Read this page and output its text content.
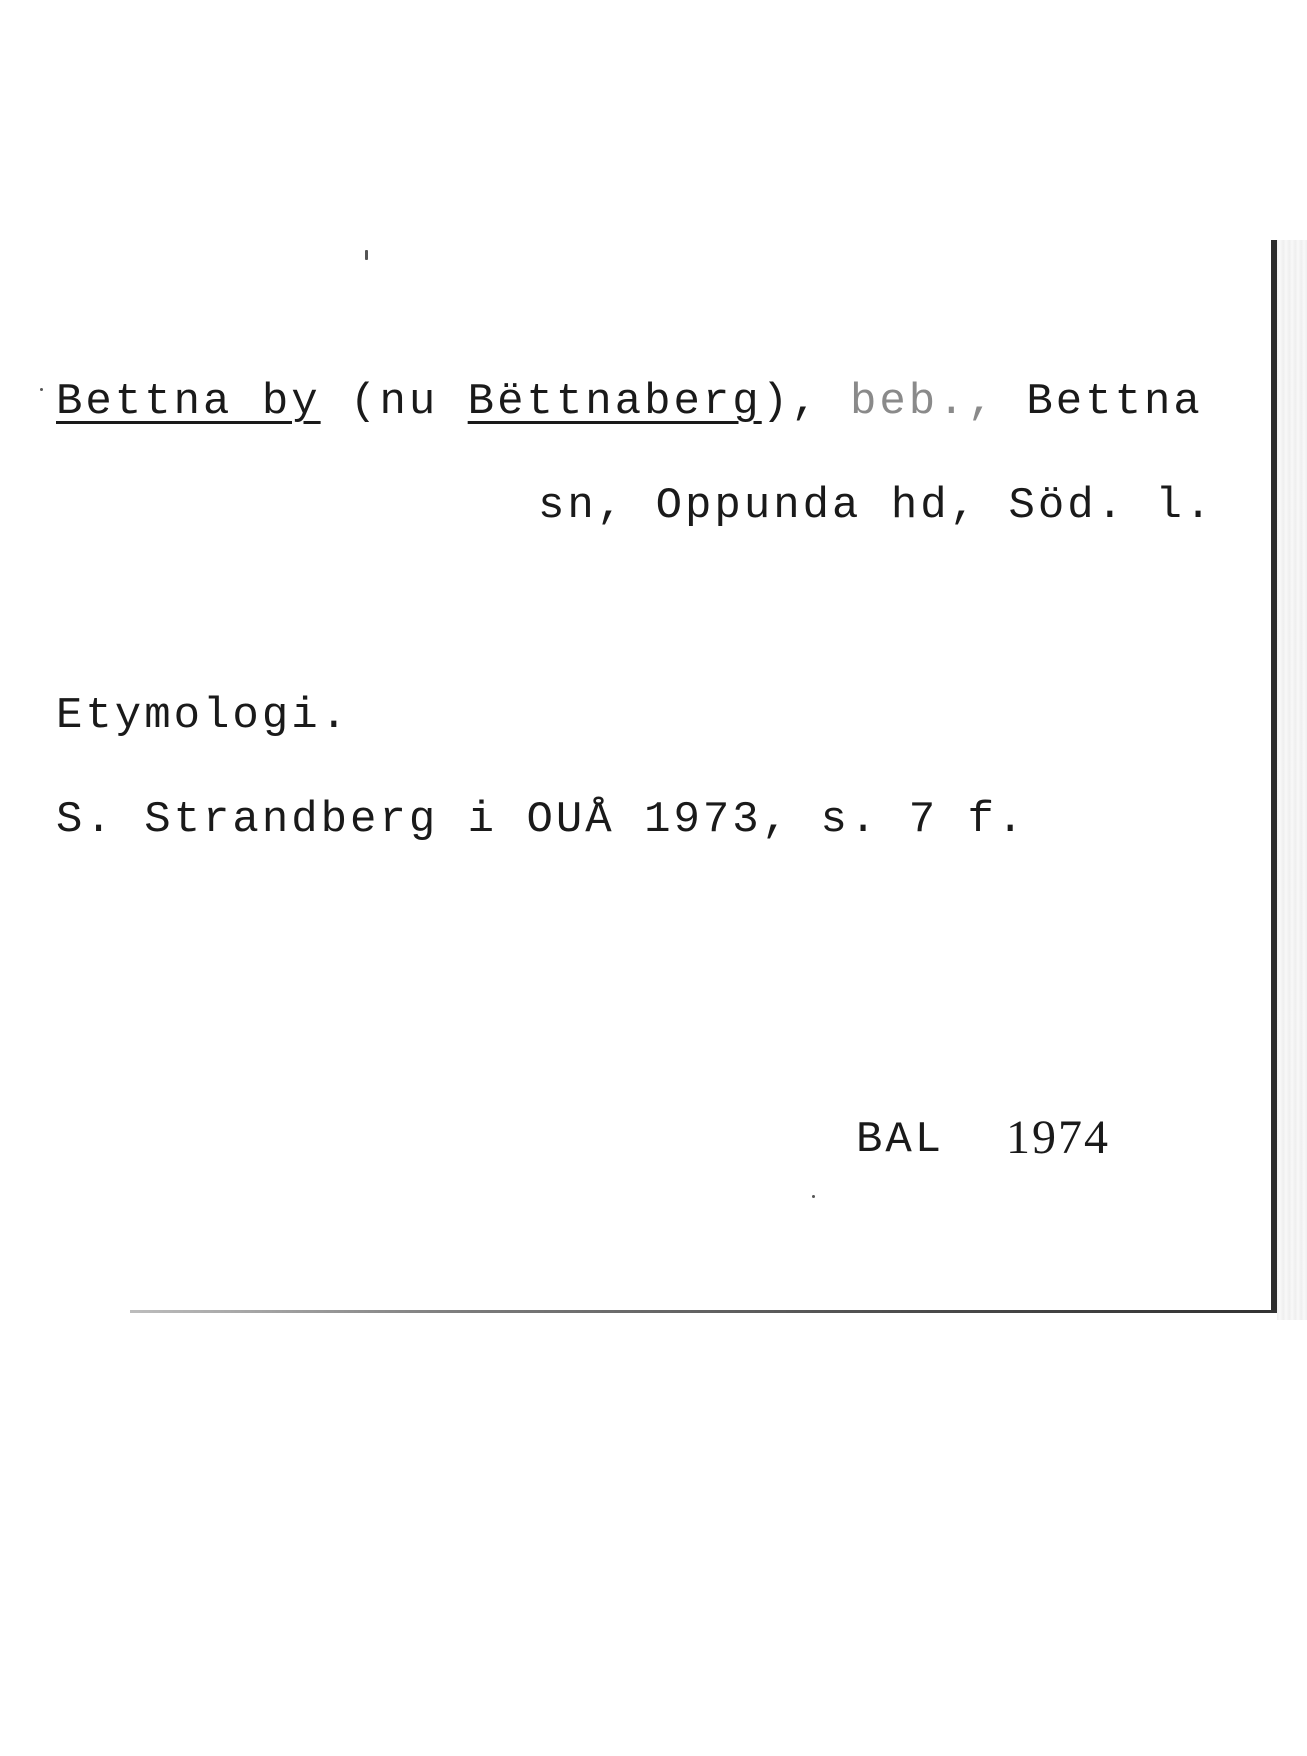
Bettna by (nu Bëttnaberg), beb., Bettna
sn, Oppunda hd, Söd. l.
Etymologi.
S. Strandberg i OUÅ 1973, s. 7 f.
BAL 1974
